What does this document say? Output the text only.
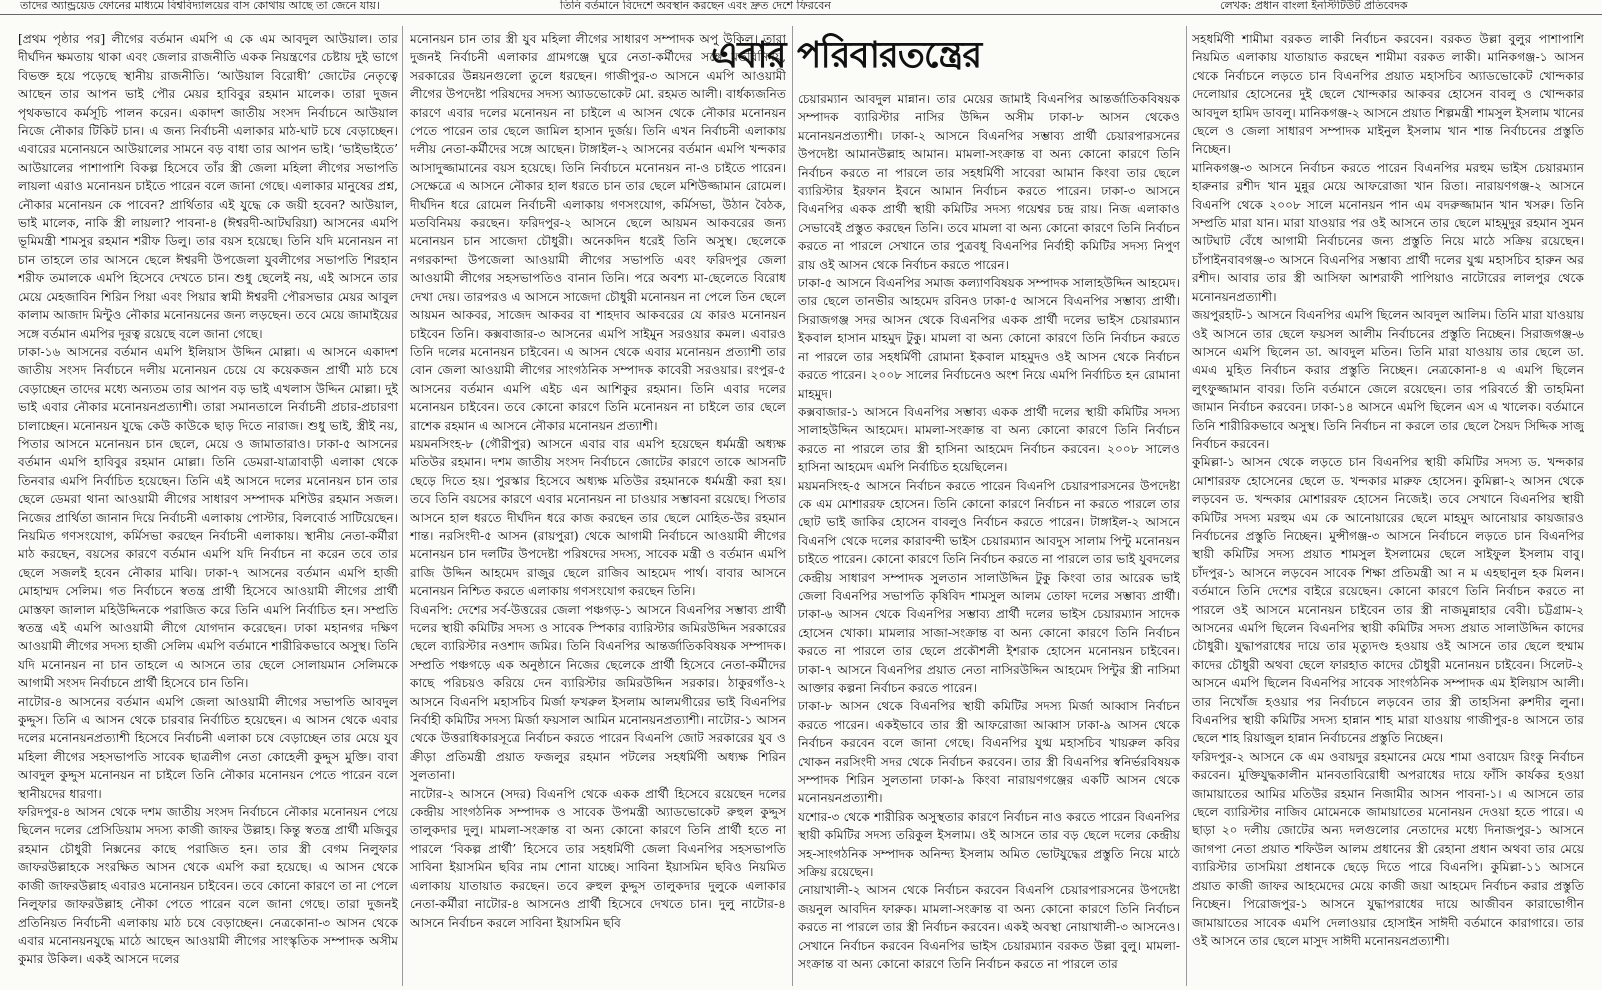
তাদের অ্যান্ড্রয়েড ফোনের মাধ্যমে বিশ্ববিদ্যালয়ের বাস কোথায় আছে তা জেনে যায়।	তিনি বর্তমানে বিদেশে অবস্থান করছেন এবং দ্রুত দেশে ফিরবেন	লেখক: প্রধান বাংলা ইনস্টিটিউট প্রতিবেদক

[প্রথম পৃষ্ঠার পর] লীগের বর্তমান এমপি এ কে এম আবদুল আউয়াল। তার দীর্ঘদিন ক্ষমতায় থাকা এবং জেলার রাজনীতি একক নিয়ন্ত্রণের চেষ্টায় দুই ভাগে বিভক্ত হয়ে পড়েছে স্থানীয় রাজনীতি। ‘আউয়াল বিরোধী’ জোটের নেতৃত্বে আছেন তার আপন ভাই পৌর মেয়র হাবিবুর রহমান মালেক। তারা দুজন পৃথকভাবে কর্মসূচি পালন করেন। একাদশ জাতীয় সংসদ নির্বাচনে আউয়াল নিজে নৌকার টিকিট চান। এ জন্য নির্বাচনী এলাকার মাঠ-ঘাট চষে বেড়াচ্ছেন। এবারের মনোনয়নে আউয়ালের সামনে বড় বাধা তার আপন ভাই। ‘ভাইভাইতে’ আউয়ালের পাশাপাশি বিকল্প হিসেবে তাঁর স্ত্রী জেলা মহিলা লীগের সভাপতি লায়লা এরাও মনোনয়ন চাইতে পারেন বলে জানা গেছে। এলাকার মানুষের প্রশ্ন, নৌকার মনোনয়ন কে পাবেন? প্রার্থিতার এই যুদ্ধে কে জয়ী হবেন? আউয়াল, ভাই মালেক, নাকি স্ত্রী লায়লা? পাবনা-৪ (ঈশ্বরদী-আটঘরিয়া) আসনের এমপি ভূমিমন্ত্রী শামসুর রহমান শরীফ ডিলু। তার বয়স হয়েছে। তিনি যদি মনোনয়ন না চান তাহলে তার আসনে ছেলে ঈশ্বরদী উপজেলা যুবলীগের সভাপতি শিরহান শরীফ তমালকে এমপি হিসেবে দেখতে চান। শুধু ছেলেই নয়, এই আসনে তার মেয়ে মেহজাবিন শিরিন পিয়া এবং পিয়ার স্বামী ঈশ্বরদী পৌরসভার মেয়র আবুল কালাম আজাদ মিন্টুও নৌকার মনোনয়নের জন্য লড়ছেন। তবে মেয়ে জামাইয়ের সঙ্গে বর্তমান এমপির দূরত্ব রয়েছে বলে জানা গেছে।

ঢাকা-১৬ আসনের বর্তমান এমপি ইলিয়াস উদ্দিন মোল্লা। এ আসনে একাদশ জাতীয় সংসদ নির্বাচনে দলীয় মনোনয়ন চেয়ে যে কয়েকজন প্রার্থী মাঠ চষে বেড়াচ্ছেন তাদের মধ্যে অন্যতম তার আপন বড় ভাই এখলাস উদ্দিন মোল্লা। দুই ভাই এবার নৌকার মনোনয়নপ্রত্যাশী। তারা সমানতালে নির্বাচনী প্রচার-প্রচারণা চালাচ্ছেন। মনোনয়ন যুদ্ধে কেউ কাউকে ছাড় দিতে নারাজ। শুধু ভাই, স্ত্রীই নয়, পিতার আসনে মনোনয়ন চান ছেলে, মেয়ে ও জামাতারাও। ঢাকা-৫ আসনের বর্তমান এমপি হাবিবুর রহমান মোল্লা। তিনি ডেমরা-যাত্রাবাড়ী এলাকা থেকে তিনবার এমপি নির্বাচিত হয়েছেন। তিনি এই আসনে দলের মনোনয়ন চান তার ছেলে ডেমরা থানা আওয়ামী লীগের সাধারণ সম্পাদক মশিউর রহমান সজল। নিজের প্রার্থিতা জানান দিয়ে নির্বাচনী এলাকায় পোস্টার, বিলবোর্ড সাটিয়েছেন। নিয়মিত গণসংযোগ, কর্মিসভা করছেন নির্বাচনী এলাকায়। স্থানীয় নেতা-কর্মীরা মাঠ করছেন, বয়সের কারণে বর্তমান এমপি যদি নির্বাচন না করেন তবে তার ছেলে সজলই হবেন নৌকার মাঝি। ঢাকা-৭ আসনের বর্তমান এমপি হাজী মোহাম্মদ সেলিম। গত নির্বাচনে স্বতন্ত্র প্রার্থী হিসেবে আওয়ামী লীগের প্রার্থী মোস্তফা জালাল মহিউদ্দিনকে পরাজিত করে তিনি এমপি নির্বাচিত হন। সম্প্রতি স্বতন্ত্র এই এমপি আওয়ামী লীগে যোগদান করেছেন। ঢাকা মহানগর দক্ষিণ আওয়ামী লীগের সদস্য হাজী সেলিম এমপি বর্তমানে শারীরিকভাবে অসুস্থ। তিনি যদি মনোনয়ন না চান তাহলে এ আসনে তার ছেলে সোলায়মান সেলিমকে আগামী সংসদ নির্বাচনে প্রার্থী হিসেবে চান তিনি।

নাটোর-৪ আসনের বর্তমান এমপি জেলা আওয়ামী লীগের সভাপতি আবদুল কুদ্দুস। তিনি এ আসন থেকে চারবার নির্বাচিত হয়েছেন। এ আসন থেকে এবার দলের মনোনয়নপ্রত্যাশী হিসেবে নির্বাচনী এলাকা চষে বেড়াচ্ছেন তার মেয়ে যুব মহিলা লীগের সহসভাপতি সাবেক ছাত্রলীগ নেতা কোহেলী কুদ্দুস মুক্তি। বাবা আবদুল কুদ্দুস মনোনয়ন না চাইলে তিনি নৌকার মনোনয়ন পেতে পারেন বলে স্থানীয়দের ধারণা।

ফরিদপুর-৪ আসন থেকে দশম জাতীয় সংসদ নির্বাচনে নৌকার মনোনয়ন পেয়ে ছিলেন দলের প্রেসিডিয়াম সদস্য কাজী জাফর উল্লাহ। কিন্তু স্বতন্ত্র প্রার্থী মজিবুর রহমান চৌধুরী নিক্সনের কাছে পরাজিত হন। তার স্ত্রী বেগম নিলুফার জাফরউল্লাহকে সংরক্ষিত আসন থেকে এমপি করা হয়েছে। এ আসন থেকে কাজী জাফরউল্লাহ এবারও মনোনয়ন চাইবেন। তবে কোনো কারণে তা না পেলে নিলুফার জাফরউল্লাহ নৌকা পেতে পারেন বলে জানা গেছে। তারা দুজনই প্রতিনিয়ত নির্বাচনী এলাকায় মাঠ চষে বেড়াচ্ছেন। নেত্রকোনা-৩ আসন থেকে এবার মনোনয়নযুদ্ধে মাঠে আছেন আওয়ামী লীগের সাংস্কৃতিক সম্পাদক অসীম কুমার উকিল। একই আসনে দলের

এবার পরিবারতন্ত্রের

মনোনয়ন চান তার স্ত্রী যুব মহিলা লীগের সাধারণ সম্পাদক অপু উকিল। তারা দুজনই নির্বাচনী এলাকার গ্রামগঞ্জে ঘুরে নেতা-কর্মীদের সঙ্গে মতবিনিময়, সরকারের উন্নয়নগুলো তুলে ধরছেন। গাজীপুর-৩ আসনে এমপি আওয়ামী লীগের উপদেষ্টা পরিষদের সদস্য অ্যাডভোকেট মো. রহমত আলী। বার্ধক্যজনিত কারণে এবার দলের মনোনয়ন না চাইলে এ আসন থেকে নৌকার মনোনয়ন পেতে পারেন তার ছেলে জামিল হাসান দুর্জয়। তিনি এখন নির্বাচনী এলাকায় দলীয় নেতা-কর্মীদের সঙ্গে আছেন। টাঙ্গাইল-২ আসনের বর্তমান এমপি খন্দকার আসাদুজ্জামানের বয়স হয়েছে। তিনি নির্বাচনে মনোনয়ন না-ও চাইতে পারেন। সেক্ষেত্রে এ আসনে নৌকার হাল ধরতে চান তার ছেলে মশিউজ্জামান রোমেল। দীর্ঘদিন ধরে রোমেল নির্বাচনী এলাকায় গণসংযোগ, কর্মিসভা, উঠান বৈঠক, মতবিনিময় করছেন। ফরিদপুর-২ আসনে ছেলে আয়মন আকবরের জন্য মনোনয়ন চান সাজেদা চৌধুরী। অনেকদিন ধরেই তিনি অসুস্থ। ছেলেকে নগরকান্দা উপজেলা আওয়ামী লীগের সভাপতি এবং ফরিদপুর জেলা আওয়ামী লীগের সহসভাপতিও বানান তিনি। পরে অবশ্য মা-ছেলেতে বিরোধ দেখা দেয়। তারপরও এ আসনে সাজেদা চৌধুরী মনোনয়ন না পেলে তিন ছেলে আয়মন আকবর, সাজেদ আকবর বা শাহদাব আকবরের যে কারও মনোনয়ন চাইবেন তিনি। কক্সবাজার-৩ আসনের এমপি সাইমুন সরওয়ার কমল। এবারও তিনি দলের মনোনয়ন চাইবেন। এ আসন থেকে এবার মনোনয়ন প্রত্যাশী তার বোন জেলা আওয়ামী লীগের সাংগঠনিক সম্পাদক কাবেরী সরওয়ার। রংপুর-৫ আসনের বর্তমান এমপি এইচ এন আশিকুর রহমান। তিনি এবার দলের মনোনয়ন চাইবেন। তবে কোনো কারণে তিনি মনোনয়ন না চাইলে তার ছেলে রাশেক রহমান এ আসনে নৌকার মনোনয়ন প্রত্যাশী।

ময়মনসিংহ-৮ (গৌরীপুর) আসনে এবার বার এমপি হয়েছেন ধর্মমন্ত্রী অধ্যক্ষ মতিউর রহমান। দশম জাতীয় সংসদ নির্বাচনে জোটের কারণে তাকে আসনটি ছেড়ে দিতে হয়। পুরস্কার হিসেবে অধ্যক্ষ মতিউর রহমানকে ধর্মমন্ত্রী করা হয়। তবে তিনি বয়সের কারণে এবার মনোনয়ন না চাওয়ার সম্ভাবনা রয়েছে। পিতার আসনে হাল ধরতে দীর্ঘদিন ধরে কাজ করছেন তার ছেলে মোহিত-উর রহমান শান্ত। নরসিংদী-৫ আসন (রায়পুরা) থেকে আগামী নির্বাচনে আওয়ামী লীগের মনোনয়ন চান দলটির উপদেষ্টা পরিষদের সদস্য, সাবেক মন্ত্রী ও বর্তমান এমপি রাজি উদ্দিন আহমেদ রাজুর ছেলে রাজিব আহমেদ পার্থ। বাবার আসনে মনোনয়ন নিশ্চিত করতে এলাকায় গণসংযোগ করছেন তিনি।

বিএনপি: দেশের সর্ব-উত্তরের জেলা পঞ্চগড়-১ আসনে বিএনপির সম্ভাব্য প্রার্থী দলের স্থায়ী কমিটির সদস্য ও সাবেক স্পিকার ব্যারিস্টার জমিরউদ্দিন সরকারের ছেলে ব্যারিস্টার নওশাদ জমির। তিনি বিএনপির আন্তর্জাতিকবিষয়ক সম্পাদক। সম্প্রতি পঞ্চগড়ে এক অনুষ্ঠানে নিজের ছেলেকে প্রার্থী হিসেবে নেতা-কর্মীদের কাছে পরিচয়ও করিয়ে দেন ব্যারিস্টার জমিরউদ্দিন সরকার। ঠাকুরগাঁও-২ আসনে বিএনপি মহাসচিব মির্জা ফখরুল ইসলাম আলমগীরের ভাই বিএনপির নির্বাহী কমিটির সদস্য মির্জা ফয়সাল আমিন মনোনয়নপ্রত্যাশী। নাটোর-১ আসন থেকে উত্তরাধিকারসূত্রে নির্বাচন করতে পারেন বিএনপি জোট সরকারের যুব ও ক্রীড়া প্রতিমন্ত্রী প্রয়াত ফজলুর রহমান পটলের সহধর্মিণী অধ্যক্ষ শিরিন সুলতানা।

নাটোর-২ আসনে (সদর) বিএনপি থেকে একক প্রার্থী হিসেবে রয়েছেন দলের কেন্দ্রীয় সাংগঠনিক সম্পাদক ও সাবেক উপমন্ত্রী অ্যাডভোকেট রুহুল কুদ্দুস তালুকদার দুলু। মামলা-সংক্রান্ত বা অন্য কোনো কারণে তিনি প্রার্থী হতে না পারলে ‘বিকল্প প্রার্থী’ হিসেবে তার সহধর্মিণী জেলা বিএনপির সহসভাপতি সাবিনা ইয়াসমিন ছবির নাম শোনা যাচ্ছে। সাবিনা ইয়াসমিন ছবিও নিয়মিত এলাকায় যাতায়াত করছেন। তবে রুহুল কুদ্দুস তালুকদার দুলুকে এলাকার নেতা-কর্মীরা নাটোর-৪ আসনেও প্রার্থী হিসেবে দেখতে চান। দুলু নাটোর-৪ আসনে নির্বাচন করলে সাবিনা ইয়াসমিন ছবি

চেয়ারম্যান আবদুল মান্নান। তার মেয়ের জামাই বিএনপির আন্তর্জাতিকবিষয়ক সম্পাদক ব্যারিস্টার নাসির উদ্দিন অসীম ঢাকা-৮ আসন থেকেও মনোনয়নপ্রত্যাশী। ঢাকা-২ আসনে বিএনপির সম্ভাব্য প্রার্থী চেয়ারপারসনের উপদেষ্টা আমানউল্লাহ আমান। মামলা-সংক্রান্ত বা অন্য কোনো কারণে তিনি নির্বাচন করতে না পারলে তার সহধর্মিণী সাবেরা আমান কিংবা তার ছেলে ব্যারিস্টার ইরফান ইবনে আমান নির্বাচন করতে পারেন। ঢাকা-৩ আসনে বিএনপির একক প্রার্থী স্থায়ী কমিটির সদস্য গয়েশ্বর চন্দ্র রায়। নিজ এলাকাও সেভাবেই প্রস্তুত করছেন তিনি। তবে মামলা বা অন্য কোনো কারণে তিনি নির্বাচন করতে না পারলে সেখানে তার পুত্রবধূ বিএনপির নির্বাহী কমিটির সদস্য নিপুণ রায় ওই আসন থেকে নির্বাচন করতে পারেন।

ঢাকা-৫ আসনে বিএনপির সমাজ কল্যাণবিষয়ক সম্পাদক সালাহউদ্দিন আহমেদ। তার ছেলে তানভীর আহমেদ রবিনও ঢাকা-৫ আসনে বিএনপির সম্ভাব্য প্রার্থী। সিরাজগঞ্জ সদর আসন থেকে বিএনপির একক প্রার্থী দলের ভাইস চেয়ারম্যান ইকবাল হাসান মাহমুদ টুকু। মামলা বা অন্য কোনো কারণে তিনি নির্বাচন করতে না পারলে তার সহধর্মিণী রোমানা ইকবাল মাহমুদও ওই আসন থেকে নির্বাচন করতে পারেন। ২০০৮ সালের নির্বাচনেও অংশ নিয়ে এমপি নির্বাচিত হন রোমানা মাহমুদ।

কক্সবাজার-১ আসনে বিএনপির সম্ভাব্য একক প্রার্থী দলের স্থায়ী কমিটির সদস্য সালাহউদ্দিন আহমেদ। মামলা-সংক্রান্ত বা অন্য কোনো কারণে তিনি নির্বাচন করতে না পারলে তার স্ত্রী হাসিনা আহমেদ নির্বাচন করবেন। ২০০৮ সালেও হাসিনা আহমেদ এমপি নির্বাচিত হয়েছিলেন।

ময়মনসিংহ-৫ আসনে নির্বাচন করতে পারেন বিএনপি চেয়ারপারসনের উপদেষ্টা কে এম মোশাররফ হোসেন। তিনি কোনো কারণে নির্বাচন না করতে পারলে তার ছোট ভাই জাকির হোসেন বাবলুও নির্বাচন করতে পারেন। টাঙ্গাইল-২ আসনে বিএনপি থেকে দলের কারাবন্দী ভাইস চেয়ারম্যান আবদুস সালাম পিন্টু মনোনয়ন চাইতে পারেন। কোনো কারণে তিনি নির্বাচন করতে না পারলে তার ভাই যুবদলের কেন্দ্রীয় সাধারণ সম্পাদক সুলতান সালাউদ্দিন টুকু কিংবা তার আরেক ভাই জেলা বিএনপির সভাপতি কৃষিবিদ শামসুল আলম তোফা দলের সম্ভাব্য প্রার্থী। ঢাকা-৬ আসন থেকে বিএনপির সম্ভাব্য প্রার্থী দলের ভাইস চেয়ারম্যান সাদেক হোসেন খোকা। মামলার সাজা-সংক্রান্ত বা অন্য কোনো কারণে তিনি নির্বাচন করতে না পারলে তার ছেলে প্রকৌশলী ইশরাক হোসেন মনোনয়ন চাইবেন। ঢাকা-৭ আসনে বিএনপির প্রয়াত নেতা নাসিরউদ্দিন আহমেদ পিন্টুর স্ত্রী নাসিমা আক্তার কল্পনা নির্বাচন করতে পারেন।

ঢাকা-৮ আসন থেকে বিএনপির স্থায়ী কমিটির সদস্য মির্জা আব্বাস নির্বাচন করতে পারেন। একইভাবে তার স্ত্রী আফরোজা আব্বাস ঢাকা-৯ আসন থেকে নির্বাচন করবেন বলে জানা গেছে। বিএনপির যুগ্ম মহাসচিব খায়রুল কবির খোকন নরসিংদী সদর থেকে নির্বাচন করবেন। তার স্ত্রী বিএনপির স্বনির্ভরবিষয়ক সম্পাদক শিরিন সুলতানা ঢাকা-৯ কিংবা নারায়ণগঞ্জের একটি আসন থেকে মনোনয়নপ্রত্যাশী।

যশোর-৩ থেকে শারীরিক অসুস্থতার কারণে নির্বাচন নাও করতে পারেন বিএনপির স্থায়ী কমিটির সদস্য তরিকুল ইসলাম। ওই আসনে তার বড় ছেলে দলের কেন্দ্রীয় সহ-সাংগঠনিক সম্পাদক অনিন্দ্য ইসলাম অমিত ভোটযুদ্ধের প্রস্তুতি নিয়ে মাঠে সক্রিয় রয়েছেন।

নোয়াখালী-২ আসন থেকে নির্বাচন করবেন বিএনপি চেয়ারপারসনের উপদেষ্টা জয়নুল আবদিন ফারুক। মামলা-সংক্রান্ত বা অন্য কোনো কারণে তিনি নির্বাচন করতে না পারলে তার স্ত্রী নির্বাচন করবেন। একই অবস্থা নোয়াখালী-৩ আসনেও। সেখানে নির্বাচন করবেন বিএনপির ভাইস চেয়ারম্যান বরকত উল্লা বুলু। মামলা-সংক্রান্ত বা অন্য কোনো কারণে তিনি নির্বাচন করতে না পারলে তার

সহধর্মিণী শামীমা বরকত লাকী নির্বাচন করবেন। বরকত উল্লা বুলুর পাশাপাশি নিয়মিত এলাকায় যাতায়াত করছেন শামীমা বরকত লাকী। মানিকগঞ্জ-১ আসন থেকে নির্বাচনে লড়তে চান বিএনপির প্রয়াত মহাসচিব অ্যাডভোকেট খোন্দকার দেলোয়ার হোসেনের দুই ছেলে খোন্দকার আকবর হোসেন বাবলু ও খোন্দকার আবদুল হামিদ ডাবলু। মানিকগঞ্জ-২ আসনে প্রয়াত শিল্পমন্ত্রী শামসুল ইসলাম খানের ছেলে ও জেলা সাধারণ সম্পাদক মাইনুল ইসলাম খান শান্ত নির্বাচনের প্রস্তুতি নিচ্ছেন।

মানিকগঞ্জ-৩ আসনে নির্বাচন করতে পারেন বিএনপির মরহুম ভাইস চেয়ারম্যান হারুনার রশীদ খান মুন্নুর মেয়ে আফরোজা খান রিতা। নারায়ণগঞ্জ-২ আসনে বিএনপি থেকে ২০০৮ সালে মনোনয়ন পান এম বদরুজ্জামান খান খসরু। তিনি সম্প্রতি মারা যান। মারা যাওয়ার পর ওই আসনে তার ছেলে মাহমুদুর রহমান সুমন আটঘাট বেঁধে আগামী নির্বাচনের জন্য প্রস্তুতি নিয়ে মাঠে সক্রিয় রয়েছেন। চাঁপাইনবাবগঞ্জ-৩ আসনে বিএনপির সম্ভাব্য প্রার্থী দলের যুগ্ম মহাসচিব হারুন অর রশীদ। আবার তার স্ত্রী আসিফা আশরাফী পাপিয়াও নাটোরের লালপুর থেকে মনোনয়নপ্রত্যাশী।

জয়পুরহাট-১ আসনে বিএনপির এমপি ছিলেন আবদুল আলিম। তিনি মারা যাওয়ায় ওই আসনে তার ছেলে ফয়সল আলীম নির্বাচনের প্রস্তুতি নিচ্ছেন। সিরাজগঞ্জ-৬ আসনে এমপি ছিলেন ডা. আবদুল মতিন। তিনি মারা যাওয়ায় তার ছেলে ডা. এমএ মুহিত নির্বাচন করার প্রস্তুতি নিচ্ছেন। নেত্রকোনা-৪ এ এমপি ছিলেন লুৎফুজ্জামান বাবর। তিনি বর্তমানে জেলে রয়েছেন। তার পরিবর্তে স্ত্রী তাহমিনা জামান নির্বাচন করবেন। ঢাকা-১৪ আসনে এমপি ছিলেন এস এ খালেক। বর্তমানে তিনি শারীরিকভাবে অসুস্থ। তিনি নির্বাচন না করলে তার ছেলে সৈয়দ সিদ্দিক সাজু নির্বাচন করবেন।

কুমিল্লা-১ আসন থেকে লড়তে চান বিএনপির স্থায়ী কমিটির সদস্য ড. খন্দকার মোশাররফ হোসেনের ছেলে ড. খন্দকার মারুফ হোসেন। কুমিল্লা-২ আসন থেকে লড়বেন ড. খন্দকার মোশাররফ হোসেন নিজেই। তবে সেখানে বিএনপির স্থায়ী কমিটির সদস্য মরহুম এম কে আনোয়ারের ছেলে মাহমুদ আনোয়ার কায়জারও নির্বাচনের প্রস্তুতি নিচ্ছেন। মুন্সীগঞ্জ-৩ আসনে নির্বাচনে লড়তে চান বিএনপির স্থায়ী কমিটির সদস্য প্রয়াত শামসুল ইসলামের ছেলে সাইফুল ইসলাম বাবু। চাঁদপুর-১ আসনে লড়বেন সাবেক শিক্ষা প্রতিমন্ত্রী আ ন ম এহছানুল হক মিলন। বর্তমানে তিনি দেশের বাইরে রয়েছেন। কোনো কারণে তিনি নির্বাচন করতে না পারলে ওই আসনে মনোনয়ন চাইবেন তার স্ত্রী নাজমুন্নাহার বেবী। চট্টগ্রাম-২ আসনের এমপি ছিলেন বিএনপির স্থায়ী কমিটির সদস্য প্রয়াত সালাউদ্দিন কাদের চৌধুরী। যুদ্ধাপরাধের দায়ে তার মৃত্যুদণ্ড হওয়ায় ওই আসনে তার ছেলে হুম্মাম কাদের চৌধুরী অথবা ছেলে ফারহাত কাদের চৌধুরী মনোনয়ন চাইবেন। সিলেট-২ আসনে এমপি ছিলেন বিএনপির সাবেক সাংগঠনিক সম্পাদক এম ইলিয়াস আলী। তার নিখোঁজ হওয়ার পর নির্বাচনে লড়বেন তার স্ত্রী তাহসিনা রুশদীর লুনা। বিএনপির স্থায়ী কমিটির সদস্য হান্নান শাহ মারা যাওয়ায় গাজীপুর-৪ আসনে তার ছেলে শাহ রিয়াজুল হান্নান নির্বাচনের প্রস্তুতি নিচ্ছেন।

ফরিদপুর-২ আসনে কে এম ওবায়দুর রহমানের মেয়ে শামা ওবায়েদ রিংকু নির্বাচন করবেন। মুক্তিযুদ্ধকালীন মানবতাবিরোধী অপরাধের দায়ে ফাঁসি কার্যকর হওয়া জামায়াতের আমির মতিউর রহমান নিজামীর আসন পাবনা-১। এ আসনে তার ছেলে ব্যারিস্টার নাজিব মোমেনকে জামায়াতের মনোনয়ন দেওয়া হতে পারে। এ ছাড়া ২০ দলীয় জোটের অন্য দলগুলোর নেতাদের মধ্যে দিনাজপুর-১ আসনে জাগপা নেতা প্রয়াত শফিউল আলম প্রধানের স্ত্রী রেহানা প্রধান অথবা তার মেয়ে ব্যারিস্টার তাসমিয়া প্রধানকে ছেড়ে দিতে পারে বিএনপি। কুমিল্লা-১১ আসনে প্রয়াত কাজী জাফর আহমেদের মেয়ে কাজী জয়া আহমেদ নির্বাচন করার প্রস্তুতি নিচ্ছেন। পিরোজপুর-১ আসনে যুদ্ধাপরাধের দায়ে আজীবন কারাভোগীন জামায়াতের সাবেক এমপি দেলাওয়ার হোসাইন সাঈদী বর্তমানে কারাগারে। তার ওই আসনে তার ছেলে মাসুদ সাঈদী মনোনয়নপ্রত্যাশী।
